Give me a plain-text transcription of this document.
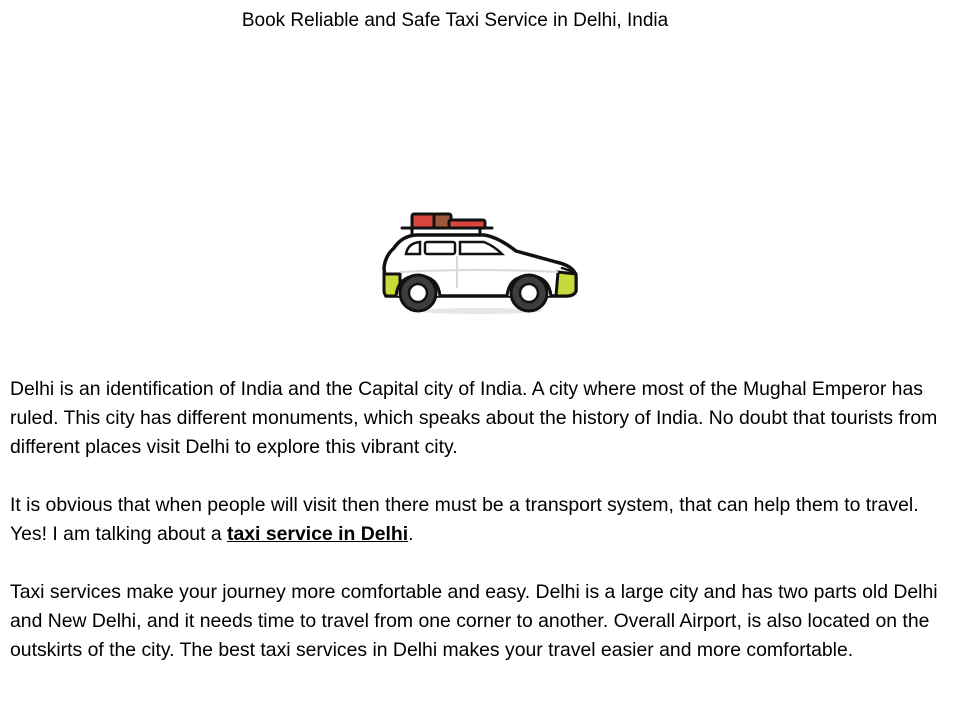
Book Reliable and Safe Taxi Service in Delhi, India

Delhi is an identification of India and the Capital city of India. A city where most of the Mughal Emperor has ruled. This city has different monuments, which speaks about the history of India. No doubt that tourists from different places visit Delhi to explore this vibrant city.

It is obvious that when people will visit then there must be a transport system, that can help them to travel. Yes! I am talking about a taxi service in Delhi.

Taxi services make your journey more comfortable and easy. Delhi is a large city and has two parts old Delhi and New Delhi, and it needs time to travel from one corner to another. Overall Airport, is also located on the outskirts of the city. The best taxi services in Delhi makes your travel easier and more comfortable.
